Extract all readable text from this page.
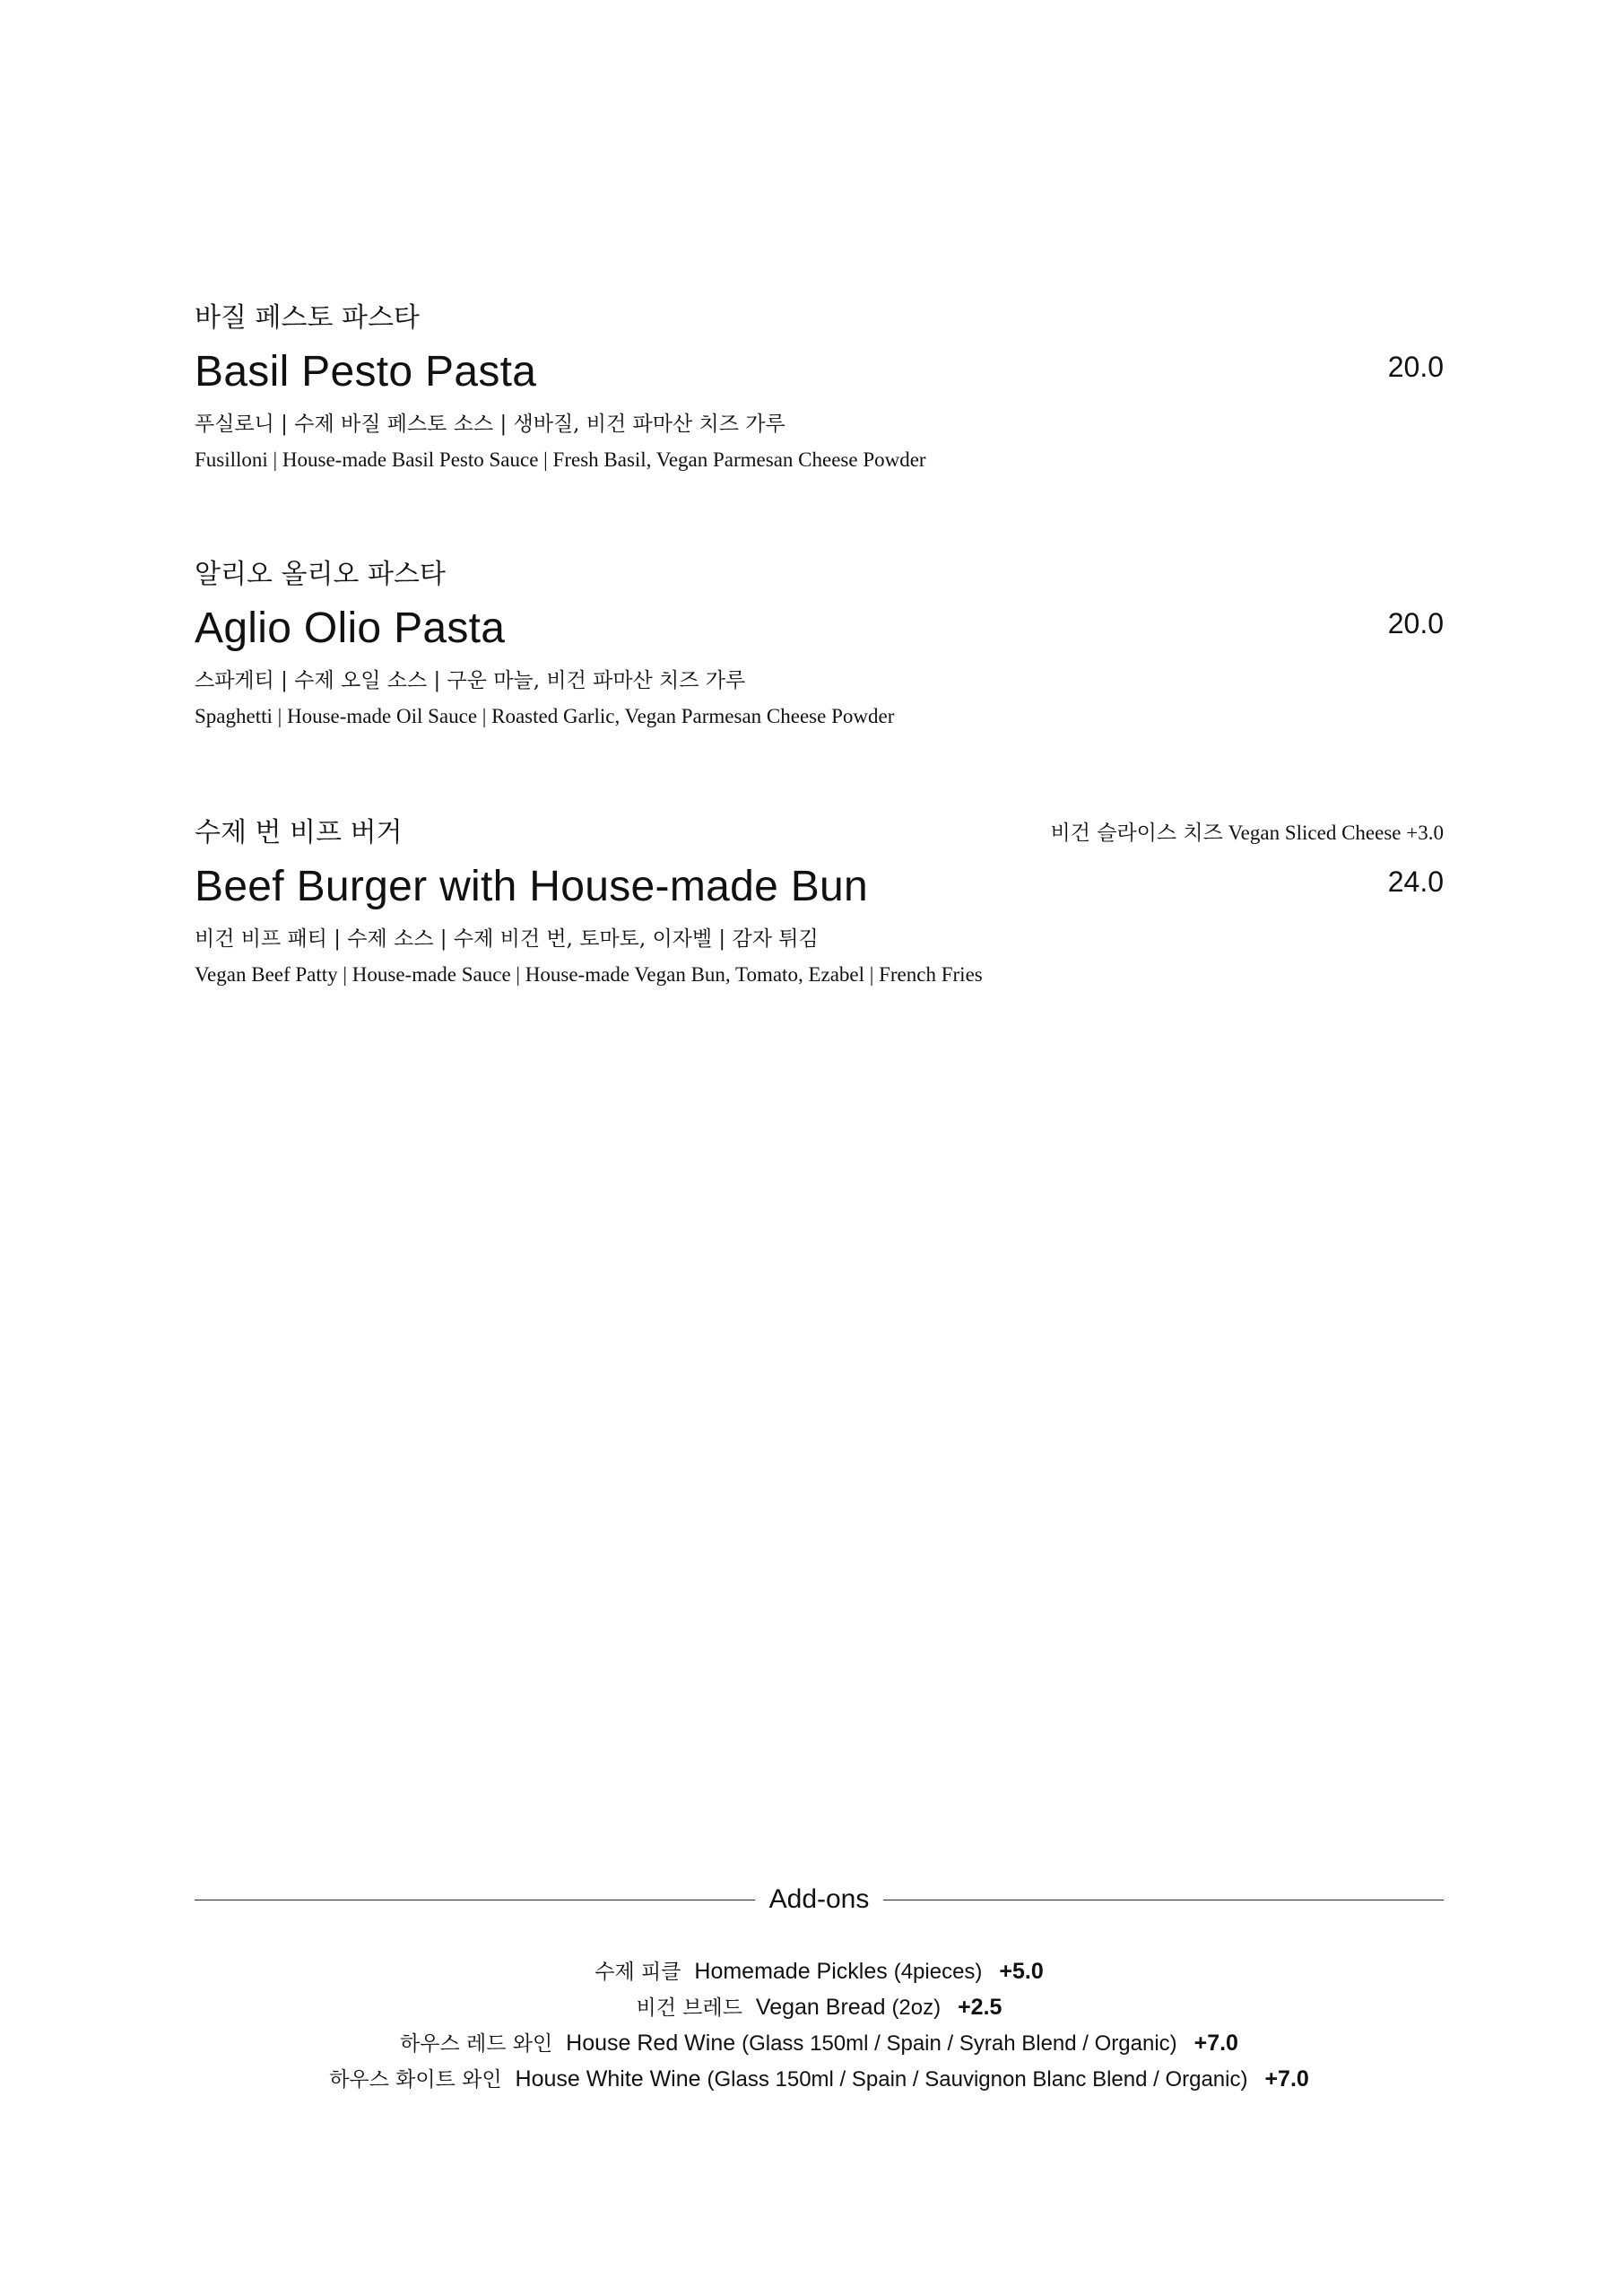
바질 페스토 파스타
Basil Pesto Pasta	20.0
푸실로니 | 수제 바질 페스토 소스 | 생바질, 비건 파마산 치즈 가루
Fusilloni | House-made Basil Pesto Sauce | Fresh Basil, Vegan Parmesan Cheese Powder
알리오 올리오 파스타
Aglio Olio Pasta	20.0
스파게티 | 수제 오일 소스 | 구운 마늘, 비건 파마산 치즈 가루
Spaghetti | House-made Oil Sauce | Roasted Garlic, Vegan Parmesan Cheese Powder
수제 번 비프 버거	비건 슬라이스 치즈 Vegan Sliced Cheese +3.0
Beef Burger with House-made Bun	24.0
비건 비프 패티 | 수제 소스 | 수제 비건 번, 토마토, 이자벨 | 감자 튀김
Vegan Beef Patty | House-made Sauce | House-made Vegan Bun, Tomato, Ezabel | French Fries
Add-ons
수제 피클 Homemade Pickles (4pieces) +5.0
비건 브레드 Vegan Bread (2oz) +2.5
하우스 레드 와인 House Red Wine (Glass 150ml / Spain / Syrah Blend / Organic) +7.0
하우스 화이트 와인 House White Wine (Glass 150ml / Spain / Sauvignon Blanc Blend / Organic) +7.0
